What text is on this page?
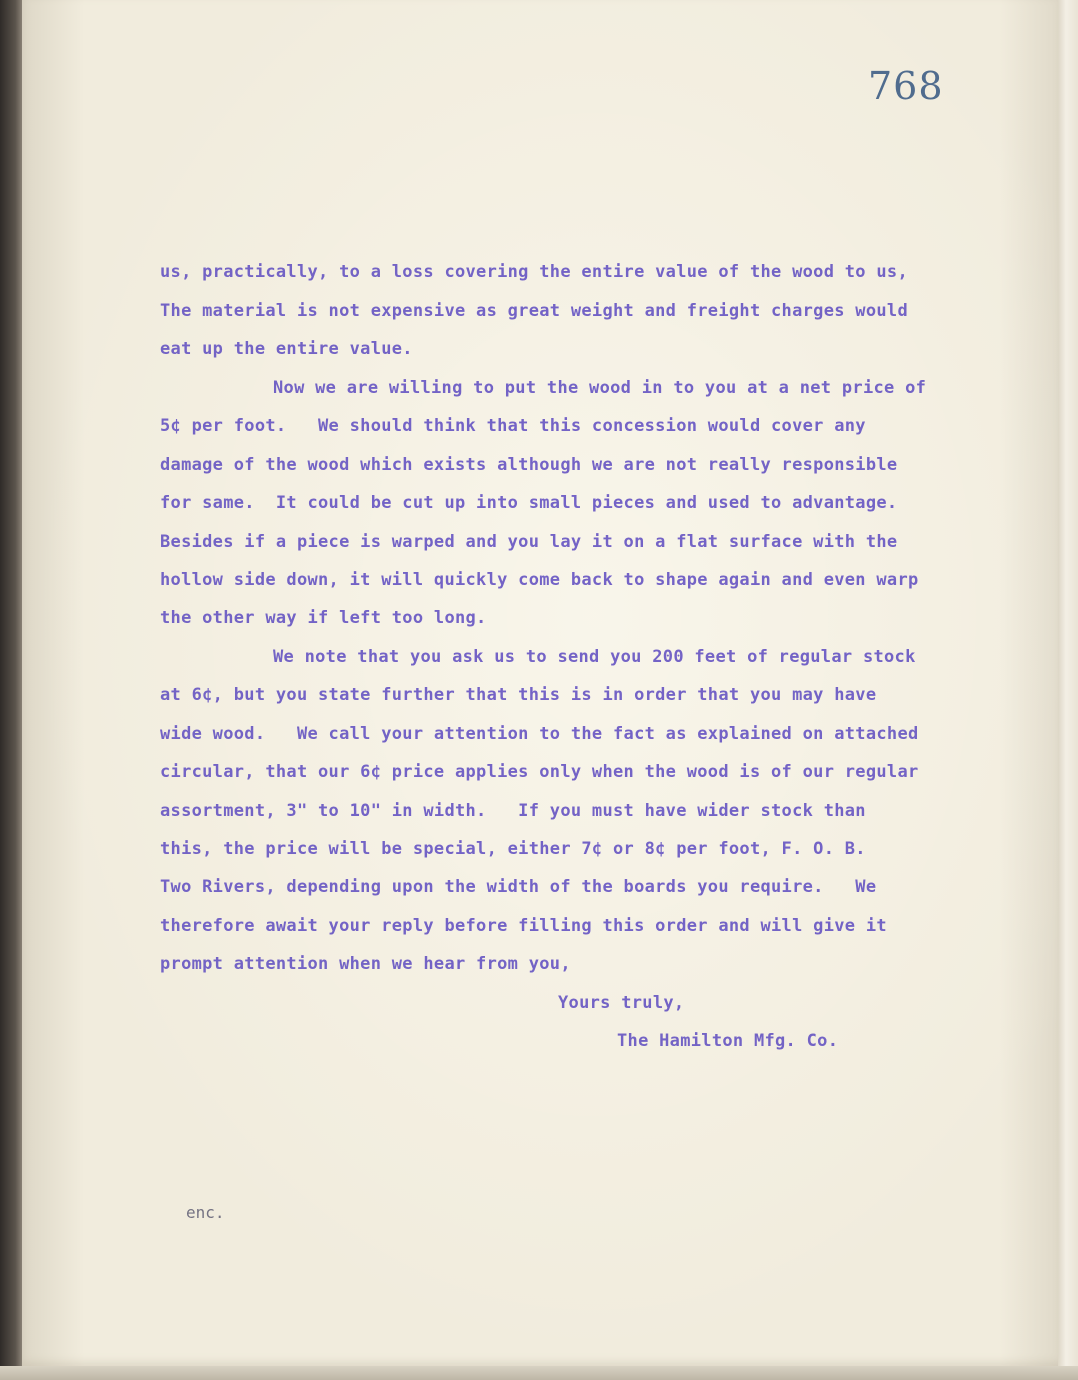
768
us, practically, to a loss covering the entire value of the wood to us,
The material is not expensive as great weight and freight charges would
eat up the entire value.
Now we are willing to put the wood in to you at a net price of
5¢ per foot.   We should think that this concession would cover any
damage of the wood which exists although we are not really responsible
for same.  It could be cut up into small pieces and used to advantage.
Besides if a piece is warped and you lay it on a flat surface with the
hollow side down, it will quickly come back to shape again and even warp
the other way if left too long.
We note that you ask us to send you 200 feet of regular stock
at 6¢, but you state further that this is in order that you may have
wide wood.   We call your attention to the fact as explained on attached
circular, that our 6¢ price applies only when the wood is of our regular
assortment, 3" to 10" in width.   If you must have wider stock than
this, the price will be special, either 7¢ or 8¢ per foot, F. O. B.
Two Rivers, depending upon the width of the boards you require.   We
therefore await your reply before filling this order and will give it
prompt attention when we hear from you,
Yours truly,
The Hamilton Mfg. Co.
enc.
